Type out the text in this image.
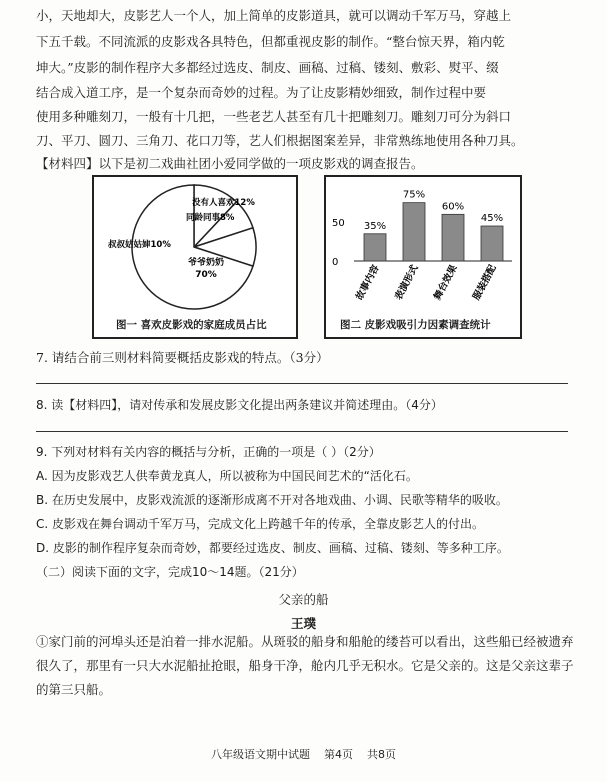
小，天地却大，皮影艺人一个人，加上简单的皮影道具，就可以调动千军万马，穿越上
下五千载。不同流派的皮影戏各具特色，但都重视皮影的制作。“整台惊天界，箱内乾
坤大。”皮影的制作程序大多都经过选皮、制皮、画稿、过稿、镂刻、敷彩、熨平、缀
结合成入道工序，是一个复杂而奇妙的过程。为了让皮影精妙细致，制作过程中要
使用多种雕刻刀，一般有十几把，一些老艺人甚至有几十把雕刻刀。雕刻刀可分为斜口
刀、平刀、圆刀、三角刀、花口刀等，艺人们根据图案差异，非常熟练地使用各种刀具。
【材料四】以下是初二戏曲社团小爱同学做的一项皮影戏的调查报告。
爷爷奶奶
70%
没有人喜欢12%
同龄同事8%
叔叔姑姑婶10%
图一 喜欢皮影戏的家庭成员占比
50
0
35%
故事内容
75%
表演形式
60%
舞台效果
45%
服装搭配
图二 皮影戏吸引力因素调查统计
7. 请结合前三则材料简要概括皮影戏的特点。（3分）
8. 读【材料四】，请对传承和发展皮影文化提出两条建议并简述理由。（4分）
9. 下列对材料有关内容的概括与分析，正确的一项是（ ）（2分）
A. 因为皮影戏艺人供奉黄龙真人，所以被称为中国民间艺术的“活化石。
B. 在历史发展中，皮影戏流派的逐渐形成离不开对各地戏曲、小调、民歌等精华的吸收。
C. 皮影戏在舞台调动千军万马，完成文化上跨越千年的传承，全靠皮影艺人的付出。
D. 皮影的制作程序复杂而奇妙，都要经过选皮、制皮、画稿、过稿、镂刻、等多种工序。
（二）阅读下面的文字，完成10～14题。（21分）
父亲的船
王璞
①家门前的河埠头还是泊着一排水泥船。从斑驳的船身和船舱的缕苔可以看出，这些船已经被遗弃很久了，那里有一只大水泥船扯抢眼，船身干净，舱内几乎无积水。它是父亲的。这是父亲这辈子的第三只船。
八年级语文期中试题    第4页    共8页
